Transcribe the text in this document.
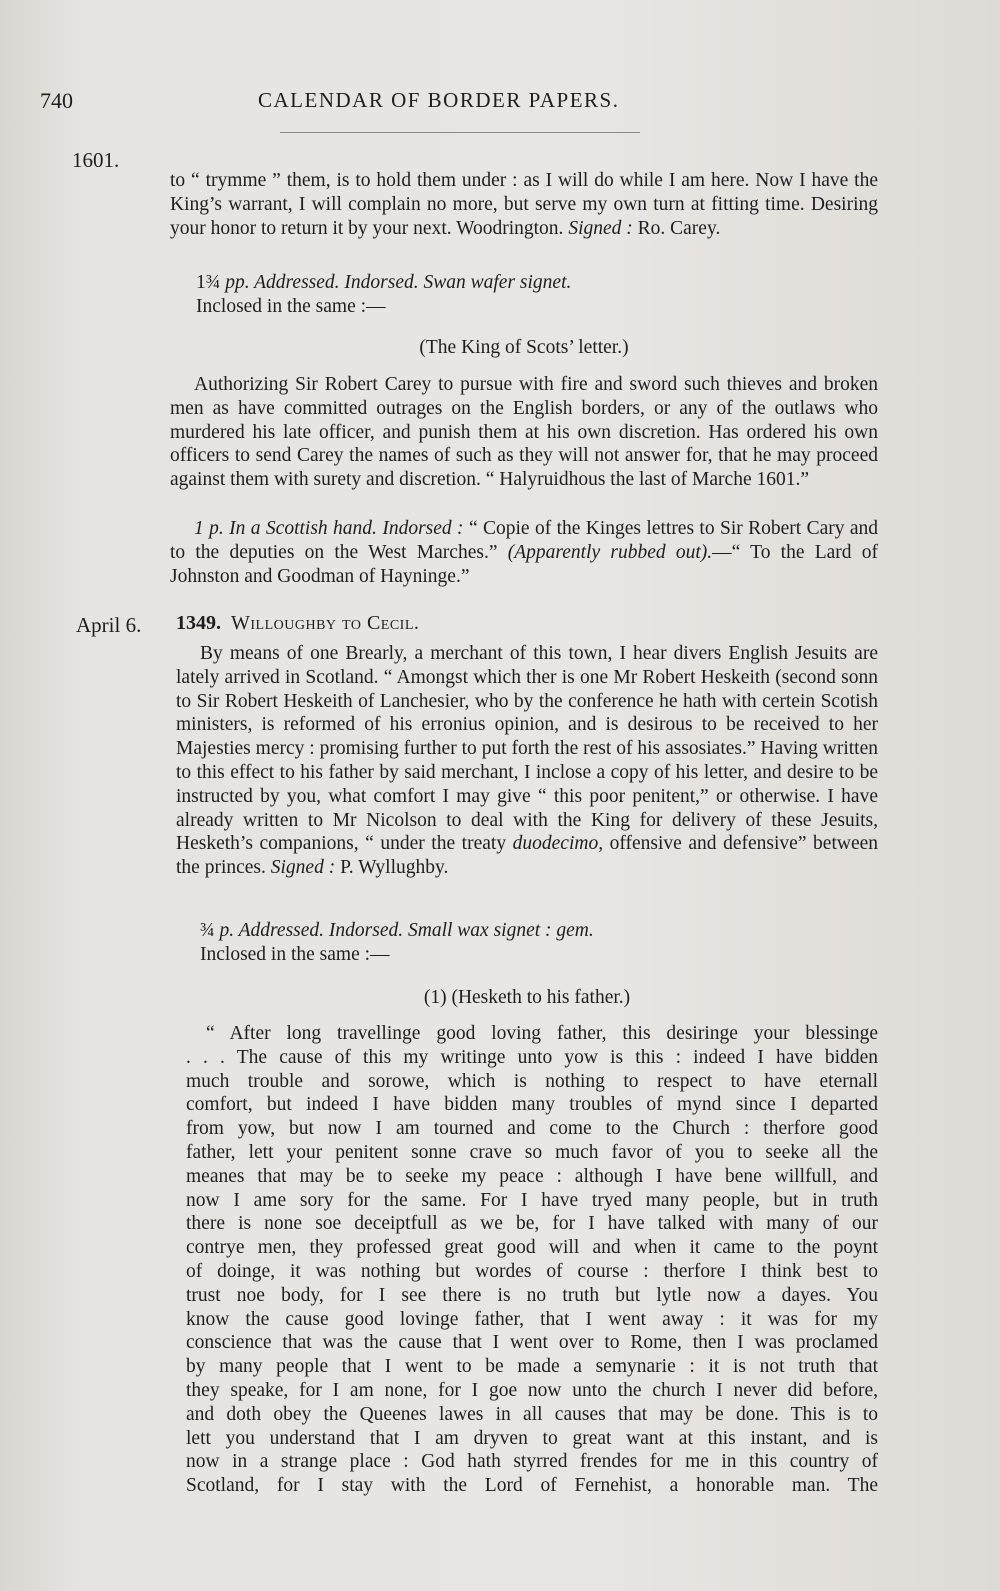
740	CALENDAR OF BORDER PAPERS.
1601.

to “ trymme ” them, is to hold them under : as I will do while I am here. Now I have the King’s warrant, I will complain no more, but serve my own turn at fitting time. Desiring your honor to return it by your next. Woodrington. Signed : Ro. Carey.

1¾ pp. Addressed. Indorsed. Swan wafer signet.
Inclosed in the same :—
(The King of Scots’ letter.)

Authorizing Sir Robert Carey to pursue with fire and sword such thieves and broken men as have committed outrages on the English borders, or any of the outlaws who murdered his late officer, and punish them at his own discretion. Has ordered his own officers to send Carey the names of such as they will not answer for, that he may proceed against them with surety and discretion. “ Halyruidhous the last of Marche 1601.”

1 p. In a Scottish hand. Indorsed : “ Copie of the Kinges lettres to Sir Robert Cary and to the deputies on the West Marches.” (Apparently rubbed out).—“ To the Lard of Johnston and Goodman of Hayninge.”

April 6. 1349. Willoughby to Cecil.

By means of one Brearly, a merchant of this town, I hear divers English Jesuits are lately arrived in Scotland. “ Amongst which ther is one Mr Robert Heskeith (second sonn to Sir Robert Heskeith of Lanchesier, who by the conference he hath with certein Scotish ministers, is reformed of his erronius opinion, and is desirous to be received to her Majesties mercy : promising further to put forth the rest of his assosiates.” Having written to this effect to his father by said merchant, I inclose a copy of his letter, and desire to be instructed by you, what comfort I may give “ this poor penitent,” or otherwise. I have already written to Mr Nicolson to deal with the King for delivery of these Jesuits, Hesketh’s companions, “ under the treaty duodecimo, offensive and defensive” between the princes. Signed : P. Wyllughby.

¾ p. Addressed. Indorsed. Small wax signet : gem.
Inclosed in the same :—
(1) (Hesketh to his father.)
“ After long travellinge good loving father, this desiringe your blessinge
. . . The cause of this my writinge unto yow is this : indeed I have bidden
much trouble and sorowe, which is nothing to respect to have eternall
comfort, but indeed I have bidden many troubles of mynd since I departed
from yow, but now I am tourned and come to the Church : therfore good
father, lett your penitent sonne crave so much favor of you to seeke all the
meanes that may be to seeke my peace : although I have bene willfull, and
now I ame sory for the same. For I have tryed many people, but in truth
there is none soe deceiptfull as we be, for I have talked with many of our
contrye men, they professed great good will and when it came to the poynt
of doinge, it was nothing but wordes of course : therfore I think best to
trust noe body, for I see there is no truth but lytle now a dayes. You
know the cause good lovinge father, that I went away : it was for my
conscience that was the cause that I went over to Rome, then I was proclamed
by many people that I went to be made a semynarie : it is not truth that
they speake, for I am none, for I goe now unto the church I never did before,
and doth obey the Queenes lawes in all causes that may be done. This is to
lett you understand that I am dryven to great want at this instant, and is
now in a strange place : God hath styrred frendes for me in this country of
Scotland, for I stay with the Lord of Fernehist, a honorable man. The
